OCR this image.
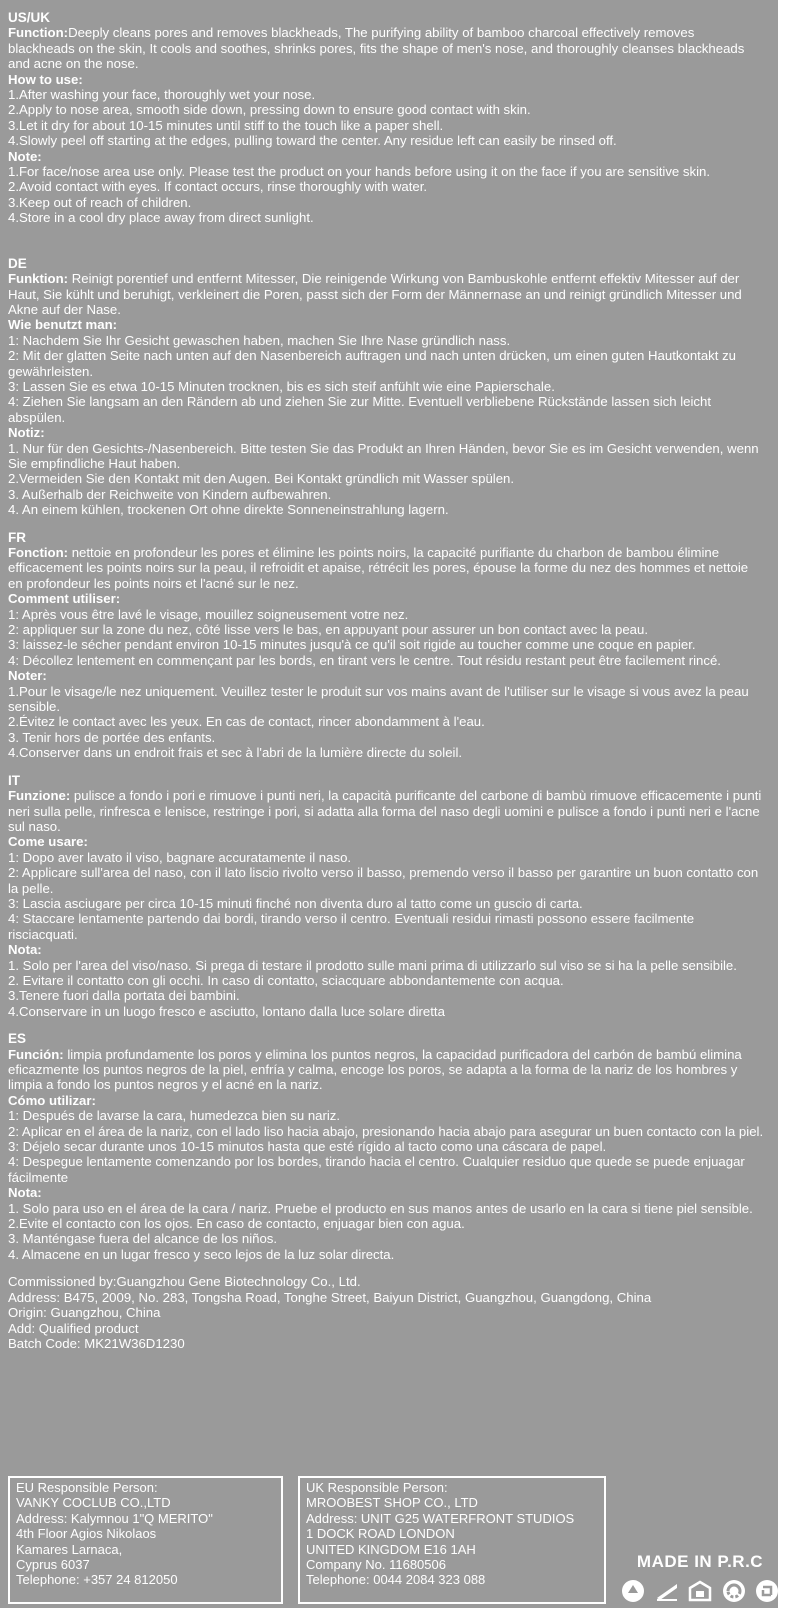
US/UK
Function:Deeply cleans pores and removes blackheads, The purifying ability of bamboo charcoal effectively removes blackheads on the skin, It cools and soothes, shrinks pores, fits the shape of men's nose, and thoroughly cleanses blackheads and acne on the nose.
How to use:
1.After washing your face, thoroughly wet your nose.
2.Apply to nose area, smooth side down, pressing down to ensure good contact with skin.
3.Let it dry for about 10-15 minutes until stiff to the touch like a paper shell.
4.Slowly peel off starting at the edges, pulling toward the center. Any residue left can easily be rinsed off.
Note:
1.For face/nose area use only. Please test the product on your hands before using it on the face if you are sensitive skin.
2.Avoid contact with eyes. If contact occurs, rinse thoroughly with water.
3.Keep out of reach of children.
4.Store in a cool dry place away from direct sunlight.
DE
Funktion: Reinigt porentief und entfernt Mitesser, Die reinigende Wirkung von Bambuskohle entfernt effektiv Mitesser auf der Haut, Sie kühlt und beruhigt, verkleinert die Poren, passt sich der Form der Männernase an und reinigt gründlich Mitesser und Akne auf der Nase.
Wie benutzt man:
1: Nachdem Sie Ihr Gesicht gewaschen haben, machen Sie Ihre Nase gründlich nass.
2: Mit der glatten Seite nach unten auf den Nasenbereich auftragen und nach unten drücken, um einen guten Hautkontakt zu gewährleisten.
3: Lassen Sie es etwa 10-15 Minuten trocknen, bis es sich steif anfühlt wie eine Papierschale.
4: Ziehen Sie langsam an den Rändern ab und ziehen Sie zur Mitte. Eventuell verbliebene Rückstände lassen sich leicht abspülen.
Notiz:
1. Nur für den Gesichts-/Nasenbereich. Bitte testen Sie das Produkt an Ihren Händen, bevor Sie es im Gesicht verwenden, wenn Sie empfindliche Haut haben.
2.Vermeiden Sie den Kontakt mit den Augen. Bei Kontakt gründlich mit Wasser spülen.
3. Außerhalb der Reichweite von Kindern aufbewahren.
4. An einem kühlen, trockenen Ort ohne direkte Sonneneinstrahlung lagern.
FR
Fonction: nettoie en profondeur les pores et élimine les points noirs, la capacité purifiante du charbon de bambou élimine efficacement les points noirs sur la peau, il refroidit et apaise, rétrécit les pores, épouse la forme du nez des hommes et nettoie en profondeur les points noirs et l'acné sur le nez.
Comment utiliser:
1: Après vous être lavé le visage, mouillez soigneusement votre nez.
2: appliquer sur la zone du nez, côté lisse vers le bas, en appuyant pour assurer un bon contact avec la peau.
3: laissez-le sécher pendant environ 10-15 minutes jusqu'à ce qu'il soit rigide au toucher comme une coque en papier.
4: Décollez lentement en commençant par les bords, en tirant vers le centre. Tout résidu restant peut être facilement rincé.
Noter:
1.Pour le visage/le nez uniquement. Veuillez tester le produit sur vos mains avant de l'utiliser sur le visage si vous avez la peau sensible.
2.Évitez le contact avec les yeux. En cas de contact, rincer abondamment à l'eau.
3. Tenir hors de portée des enfants.
4.Conserver dans un endroit frais et sec à l'abri de la lumière directe du soleil.
IT
Funzione: pulisce a fondo i pori e rimuove i punti neri, la capacità purificante del carbone di bambù rimuove efficacemente i punti neri sulla pelle, rinfresca e lenisce, restringe i pori, si adatta alla forma del naso degli uomini e pulisce a fondo i punti neri e l'acne sul naso.
Come usare:
1: Dopo aver lavato il viso, bagnare accuratamente il naso.
2: Applicare sull'area del naso, con il lato liscio rivolto verso il basso, premendo verso il basso per garantire un buon contatto con la pelle.
3: Lascia asciugare per circa 10-15 minuti finché non diventa duro al tatto come un guscio di carta.
4: Staccare lentamente partendo dai bordi, tirando verso il centro. Eventuali residui rimasti possono essere facilmente risciacquati.
Nota:
1. Solo per l'area del viso/naso. Si prega di testare il prodotto sulle mani prima di utilizzarlo sul viso se si ha la pelle sensibile.
2. Evitare il contatto con gli occhi. In caso di contatto, sciacquare abbondantemente con acqua.
3.Tenere fuori dalla portata dei bambini.
4.Conservare in un luogo fresco e asciutto, lontano dalla luce solare diretta
ES
Función: limpia profundamente los poros y elimina los puntos negros, la capacidad purificadora del carbón de bambú elimina eficazmente los puntos negros de la piel, enfría y calma, encoge los poros, se adapta a la forma de la nariz de los hombres y limpia a fondo los puntos negros y el acné en la nariz.
Cómo utilizar:
1: Después de lavarse la cara, humedezca bien su nariz.
2: Aplicar en el área de la nariz, con el lado liso hacia abajo, presionando hacia abajo para asegurar un buen contacto con la piel.
3: Déjelo secar durante unos 10-15 minutos hasta que esté rígido al tacto como una cáscara de papel.
4: Despegue lentamente comenzando por los bordes, tirando hacia el centro. Cualquier residuo que quede se puede enjuagar fácilmente
Nota:
1. Solo para uso en el área de la cara / nariz. Pruebe el producto en sus manos antes de usarlo en la cara si tiene piel sensible.
2.Evite el contacto con los ojos. En caso de contacto, enjuagar bien con agua.
3. Manténgase fuera del alcance de los niños.
4. Almacene en un lugar fresco y seco lejos de la luz solar directa.
Commissioned by:Guangzhou Gene Biotechnology Co., Ltd.
Address: B475, 2009, No. 283, Tongsha Road, Tonghe Street, Baiyun District, Guangzhou, Guangdong, China
Origin: Guangzhou, China
Add: Qualified product
Batch Code: MK21W36D1230
EU Responsible Person:
VANKY COCLUB CO.,LTD
Address: Kalymnou 1"Q MERITO"
4th Floor Agios Nikolaos
Kamares Larnaca,
Cyprus 6037
Telephone: +357 24 812050
UK Responsible Person:
MROOBEST SHOP CO., LTD
Address: UNIT G25 WATERFRONT STUDIOS
1 DOCK ROAD LONDON
UNITED KINGDOM E16 1AH
Company No. 11680506
Telephone: 0044 2084 323 088
MADE IN P.R.C
